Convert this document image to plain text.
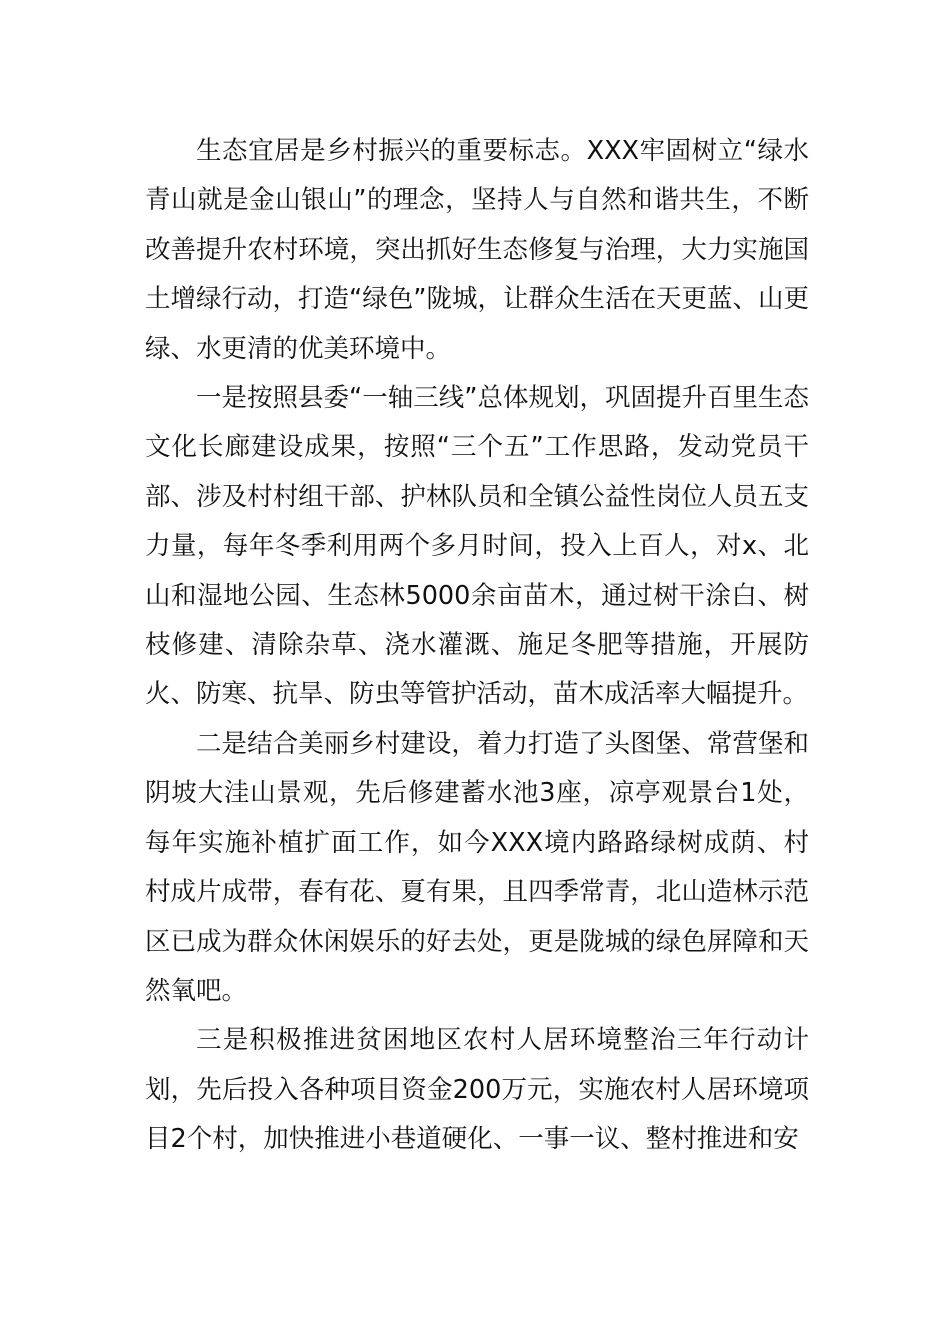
生态宜居是乡村振兴的重要标志。XXX牢固树立“绿水青山就是金山银山”的理念，坚持人与自然和谐共生，不断改善提升农村环境，突出抓好生态修复与治理，大力实施国土增绿行动，打造“绿色”陇城，让群众生活在天更蓝、山更绿、水更清的优美环境中。

一是按照县委“一轴三线”总体规划，巩固提升百里生态文化长廊建设成果，按照“三个五”工作思路，发动党员干部、涉及村村组干部、护林队员和全镇公益性岗位人员五支力量，每年冬季利用两个多月时间，投入上百人，对x、北山和湿地公园、生态林5000余亩苗木，通过树干涂白、树枝修建、清除杂草、浇水灌溉、施足冬肥等措施，开展防火、防寒、抗旱、防虫等管护活动，苗木成活率大幅提升。

二是结合美丽乡村建设，着力打造了头图堡、常营堡和阴坡大洼山景观，先后修建蓄水池3座，凉亭观景台1处，每年实施补植扩面工作，如今XXX境内路路绿树成荫、村村成片成带，春有花、夏有果，且四季常青，北山造林示范区已成为群众休闲娱乐的好去处，更是陇城的绿色屏障和天然氧吧。

三是积极推进贫困地区农村人居环境整治三年行动计划，先后投入各种项目资金200万元，实施农村人居环境项目2个村，加快推进小巷道硬化、一事一议、整村推进和安
